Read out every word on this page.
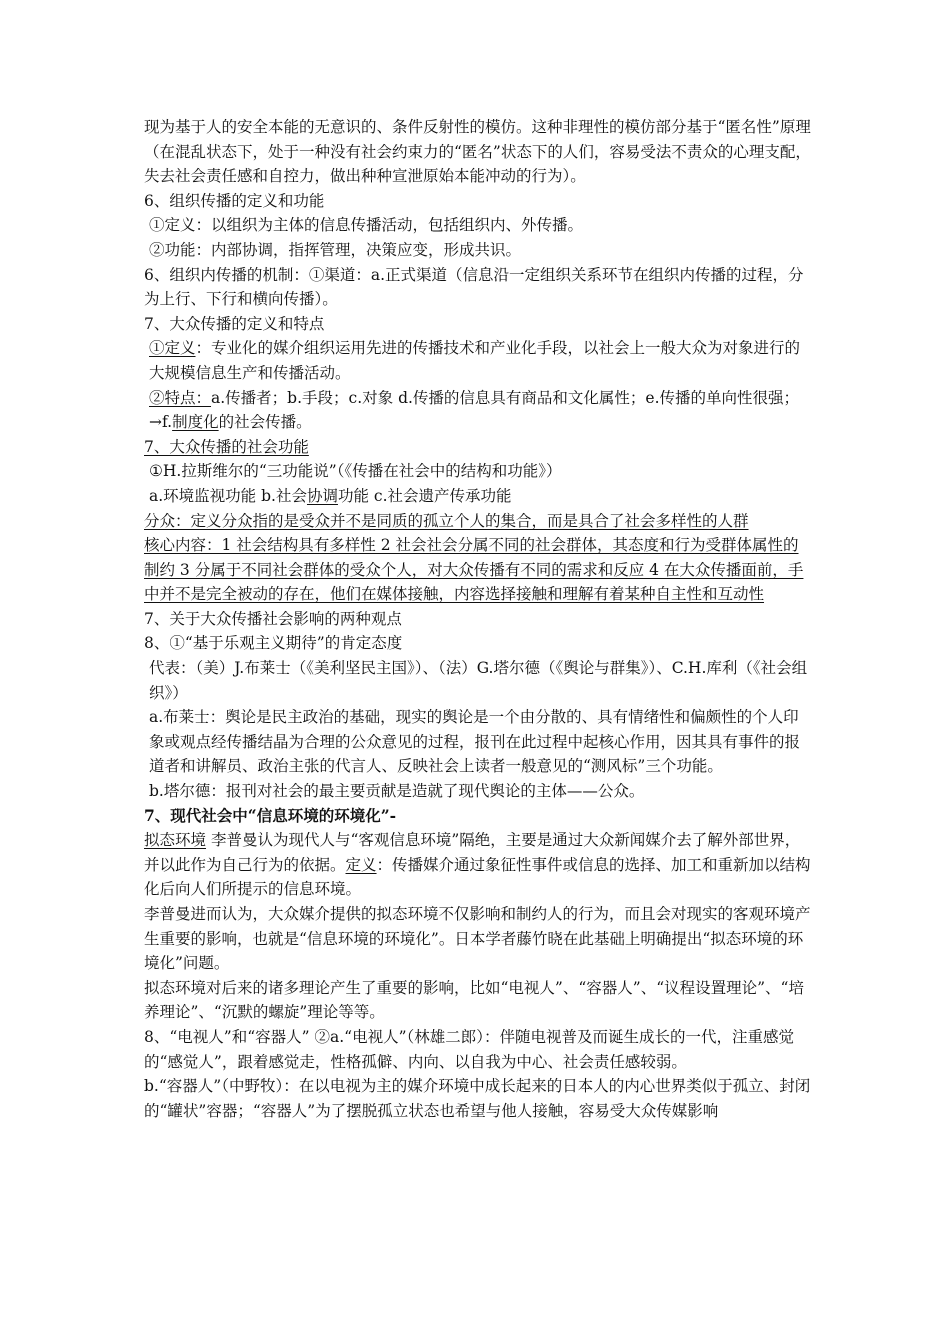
现为基于人的安全本能的无意识的、条件反射性的模仿。这种非理性的模仿部分基于“匿名性”原理（在混乱状态下，处于一种没有社会约束力的“匿名”状态下的人们，容易受法不责众的心理支配，失去社会责任感和自控力，做出种种宣泄原始本能冲动的行为）。

6、组织传播的定义和功能

①定义：以组织为主体的信息传播活动，包括组织内、外传播。

②功能：内部协调，指挥管理，决策应变，形成共识。

6、组织内传播的机制：①渠道：a.正式渠道（信息沿一定组织关系环节在组织内传播的过程，分为上行、下行和横向传播）。

7、大众传播的定义和特点

①定义：专业化的媒介组织运用先进的传播技术和产业化手段，以社会上一般大众为对象进行的大规模信息生产和传播活动。

②特点：a.传播者；b.手段；c.对象 d.传播的信息具有商品和文化属性；e.传播的单向性很强；→f.制度化的社会传播。

7、大众传播的社会功能

①H.拉斯维尔的“三功能说”（《传播在社会中的结构和功能》）

a.环境监视功能 b.社会协调功能 c.社会遗产传承功能

分众：定义分众指的是受众并不是同质的孤立个人的集合，而是具合了社会多样性的人群

核心内容：1 社会结构具有多样性 2 社会社会分属不同的社会群体，其态度和行为受群体属性的制约 3 分属于不同社会群体的受众个人，对大众传播有不同的需求和反应 4 在大众传播面前，手中并不是完全被动的存在，他们在媒体接触，内容选择接触和理解有着某种自主性和互动性

7、关于大众传播社会影响的两种观点

8、①“基于乐观主义期待”的肯定态度

代表：（美）J.布莱士（《美利坚民主国》）、（法）G.塔尔德（《舆论与群集》）、C.H.库利（《社会组织》）

a.布莱士：舆论是民主政治的基础，现实的舆论是一个由分散的、具有情绪性和偏颇性的个人印象或观点经传播结晶为合理的公众意见的过程，报刊在此过程中起核心作用，因其具有事件的报道者和讲解员、政治主张的代言人、反映社会上读者一般意见的“测风标”三个功能。

b.塔尔德：报刊对社会的最主要贡献是造就了现代舆论的主体——公众。

7、现代社会中“信息环境的环境化”-

拟态环境 李普曼认为现代人与“客观信息环境”隔绝，主要是通过大众新闻媒介去了解外部世界，并以此作为自己行为的依据。定义：传播媒介通过象征性事件或信息的选择、加工和重新加以结构化后向人们所提示的信息环境。

李普曼进而认为，大众媒介提供的拟态环境不仅影响和制约人的行为，而且会对现实的客观环境产生重要的影响，也就是“信息环境的环境化”。日本学者藤竹晓在此基础上明确提出“拟态环境的环境化”问题。

拟态环境对后来的诸多理论产生了重要的影响，比如“电视人”、“容器人”、“议程设置理论”、“培养理论”、“沉默的螺旋”理论等等。

8、“电视人”和“容器人” ②a.“电视人”（林雄二郎）：伴随电视普及而诞生成长的一代，注重感觉的“感觉人”，跟着感觉走，性格孤僻、内向、以自我为中心、社会责任感较弱。

b.“容器人”（中野牧）：在以电视为主的媒介环境中成长起来的日本人的内心世界类似于孤立、封闭的“罐状”容器；“容器人”为了摆脱孤立状态也希望与他人接触，容易受大众传媒影响
